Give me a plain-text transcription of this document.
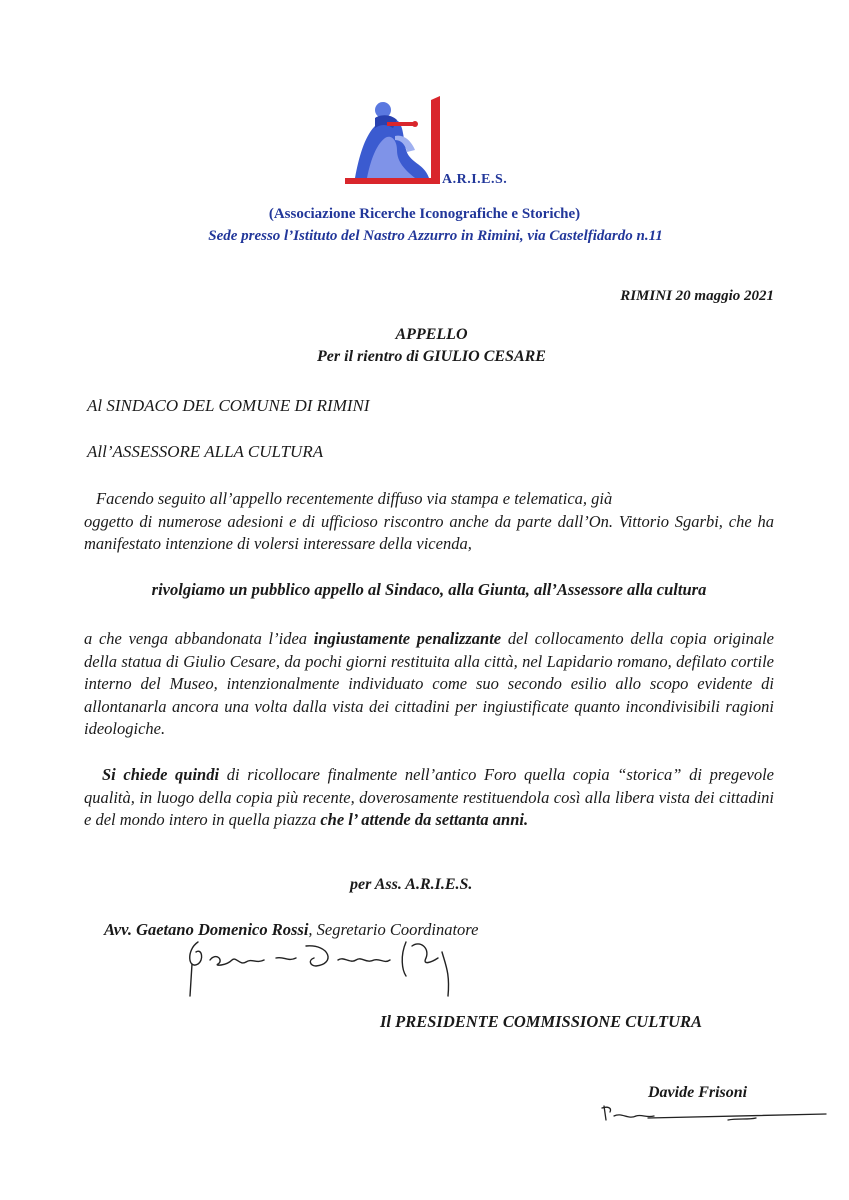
A.R.I.E.S.
(Associazione Ricerche Iconografiche e Storiche)
Sede presso l’Istituto del Nastro Azzurro in Rimini, via Castelfidardo n.11
RIMINI 20 maggio 2021
APPELLO
Per il rientro di GIULIO CESARE
Al SINDACO DEL COMUNE DI RIMINI
All’ASSESSORE ALLA CULTURA
Facendo seguito all’appello recentemente diffuso via stampa e telematica, già
oggetto di numerose adesioni e di ufficioso riscontro anche da parte dall’On. Vittorio Sgarbi, che ha manifestato intenzione di volersi interessare della vicenda,
rivolgiamo un pubblico appello al Sindaco, alla Giunta, all’Assessore alla cultura
a che venga abbandonata l’idea ingiustamente penalizzante del collocamento della copia originale della statua di Giulio Cesare, da pochi giorni restituita alla città, nel Lapidario romano, defilato cortile interno del Museo, intenzionalmente individuato come suo secondo esilio allo scopo evidente di allontanarla ancora una volta dalla vista dei cittadini per ingiustificate quanto incondivisibili ragioni ideologiche.
Si chiede quindi di ricollocare finalmente nell’antico Foro quella copia “storica” di pregevole qualità, in luogo della copia più recente, doverosamente restituendola così alla libera vista dei cittadini e del mondo intero in quella piazza che l’ attende da settanta anni.
per Ass. A.R.I.E.S.
Avv. Gaetano Domenico Rossi, Segretario Coordinatore
Il PRESIDENTE COMMISSIONE CULTURA
Davide Frisoni
